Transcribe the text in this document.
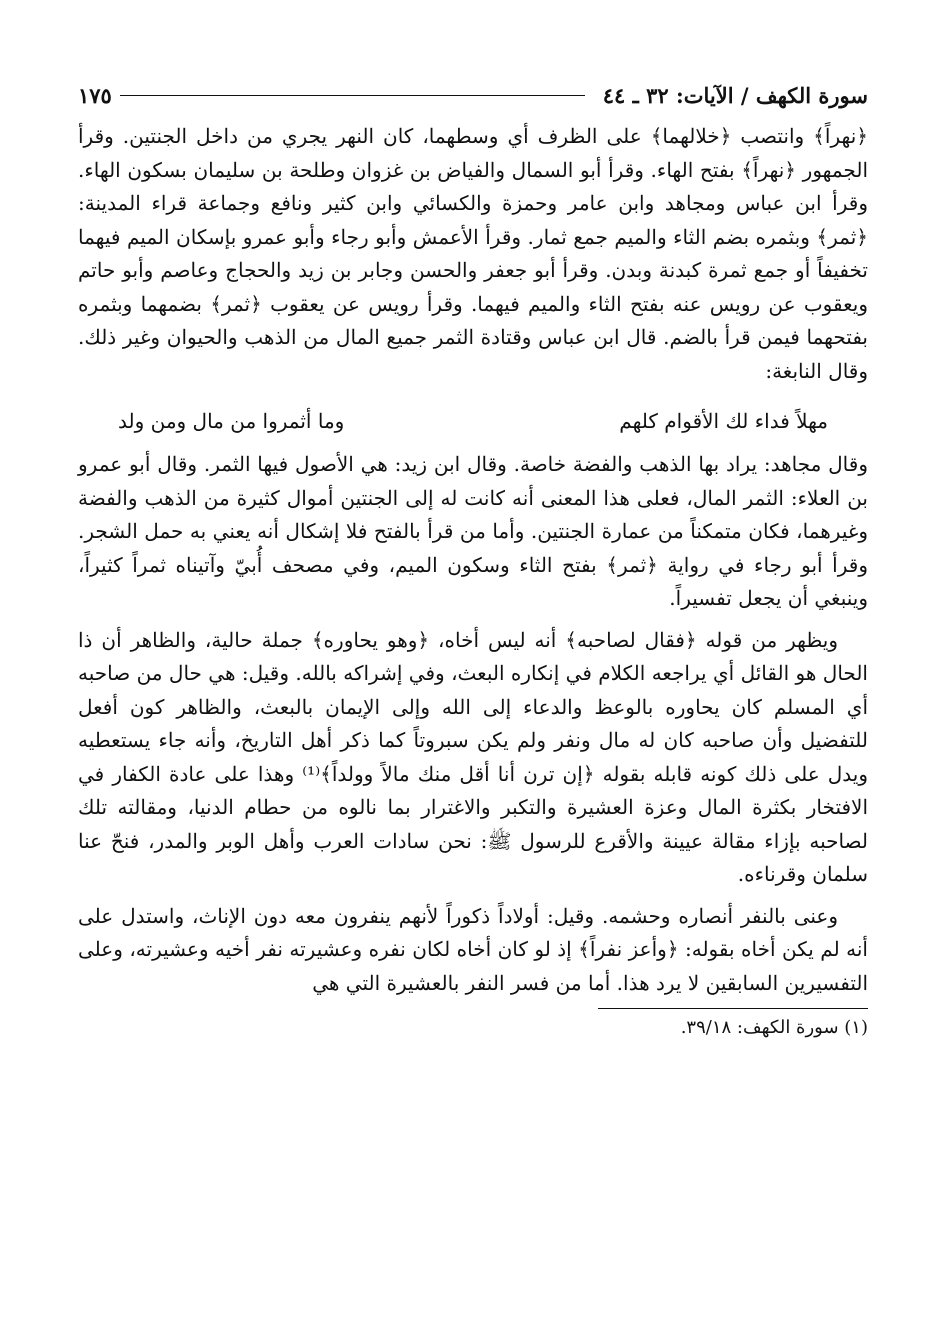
سورة الكهف / الآيات: ٣٢ ـ ٤٤
١٧٥

﴿نهراً﴾ وانتصب ﴿خلالهما﴾ على الظرف أي وسطهما، كان النهر يجري من داخل الجنتين. وقرأ الجمهور ﴿نهراً﴾ بفتح الهاء. وقرأ أبو السمال والفياض بن غزوان وطلحة بن سليمان بسكون الهاء. وقرأ ابن عباس ومجاهد وابن عامر وحمزة والكسائي وابن كثير ونافع وجماعة قراء المدينة: ﴿ثمر﴾ وبثمره بضم الثاء والميم جمع ثمار. وقرأ الأعمش وأبو رجاء وأبو عمرو بإسكان الميم فيهما تخفيفاً أو جمع ثمرة كبدنة وبدن. وقرأ أبو جعفر والحسن وجابر بن زيد والحجاج وعاصم وأبو حاتم ويعقوب عن رويس عنه بفتح الثاء والميم فيهما. وقرأ رويس عن يعقوب ﴿ثمر﴾ بضمهما وبثمره بفتحهما فيمن قرأ بالضم. قال ابن عباس وقتادة الثمر جميع المال من الذهب والحيوان وغير ذلك. وقال النابغة:

مهلاً فداء لك الأقوام كلهم
وما أثمروا من مال ومن ولد

وقال مجاهد: يراد بها الذهب والفضة خاصة. وقال ابن زيد: هي الأصول فيها الثمر. وقال أبو عمرو بن العلاء: الثمر المال، فعلى هذا المعنى أنه كانت له إلى الجنتين أموال كثيرة من الذهب والفضة وغيرهما، فكان متمكناً من عمارة الجنتين. وأما من قرأ بالفتح فلا إشكال أنه يعني به حمل الشجر. وقرأ أبو رجاء في رواية ﴿ثمر﴾ بفتح الثاء وسكون الميم، وفي مصحف أُبيّ وآتيناه ثمراً كثيراً، وينبغي أن يجعل تفسيراً.

ويظهر من قوله ﴿فقال لصاحبه﴾ أنه ليس أخاه، ﴿وهو يحاوره﴾ جملة حالية، والظاهر أن ذا الحال هو القائل أي يراجعه الكلام في إنكاره البعث، وفي إشراكه بالله. وقيل: هي حال من صاحبه أي المسلم كان يحاوره بالوعظ والدعاء إلى الله وإلى الإيمان بالبعث، والظاهر كون أفعل للتفضيل وأن صاحبه كان له مال ونفر ولم يكن سبروتاً كما ذكر أهل التاريخ، وأنه جاء يستعطيه ويدل على ذلك كونه قابله بقوله ﴿إن ترن أنا أقل منك مالاً وولداً﴾⁽¹⁾ وهذا على عادة الكفار في الافتخار بكثرة المال وعزة العشيرة والتكبر والاغترار بما نالوه من حطام الدنيا، ومقالته تلك لصاحبه بإزاء مقالة عيينة والأقرع للرسول ﷺ: نحن سادات العرب وأهل الوبر والمدر، فنحّ عنا سلمان وقرناءه.

وعنى بالنفر أنصاره وحشمه. وقيل: أولاداً ذكوراً لأنهم ينفرون معه دون الإناث، واستدل على أنه لم يكن أخاه بقوله: ﴿وأعز نفراً﴾ إذ لو كان أخاه لكان نفره وعشيرته نفر أخيه وعشيرته، وعلى التفسيرين السابقين لا يرد هذا. أما من فسر النفر بالعشيرة التي هي

(١) سورة الكهف: ٣٩/١٨.
